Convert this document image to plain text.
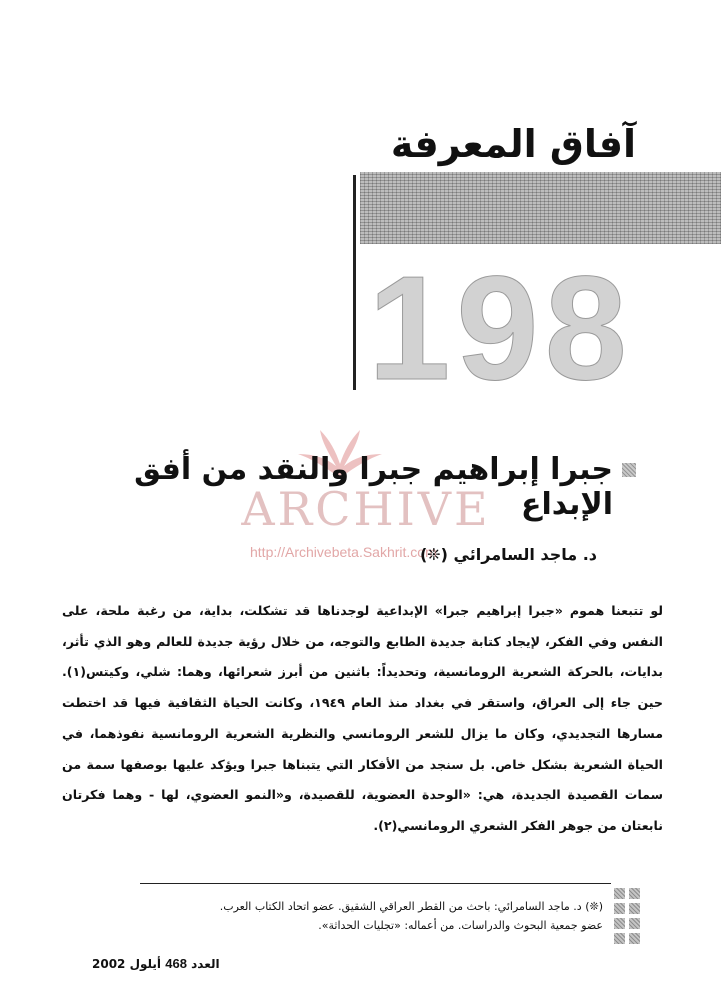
آفاق المعرفة
198
ARCHIVE
http://Archivebeta.Sakhrit.com
جبرا إبراهيم جبرا والنقد من أفق الإبداع
د. ماجد السامرائي (❊)

لو تتبعنا هموم «جبرا إبراهيم جبرا» الإبداعية لوجدناها قد تشكلت، بداية، من رغبة ملحة، على النفس وفي الفكر، لإيجاد كتابة جديدة الطابع والتوجه، من خلال رؤية جديدة للعالم وهو الذي تأثر، بدايات، بالحركة الشعرية الرومانسية، وتحديداً: باثنين من أبرز شعرائها، وهما: شلي، وكيتس(١). حين جاء إلى العراق، واستقر في بغداد منذ العام ١٩٤٩، وكانت الحياة الثقافية فيها قد اختطت مسارها التجديدي، وكان ما يزال للشعر الرومانسي والنظرية الشعرية الرومانسية نفوذهما، في الحياة الشعرية بشكل خاص. بل سنجد من الأفكار التي يتبناها جبرا ويؤكد عليها بوصفها سمة من سمات القصيدة الجديدة، هي: «الوحدة العضوية، للقصيدة، و«النمو العضوي، لها - وهما فكرتان نابعتان من جوهر الفكر الشعري الرومانسي(٢).

(❊) د. ماجد السامرائي: باحث من القطر العراقي الشقيق. عضو اتحاد الكتاب العرب.

عضو جمعية البحوث والدراسات. من أعماله: «تجليات الحداثة».

العدد 468 أيلول 2002
